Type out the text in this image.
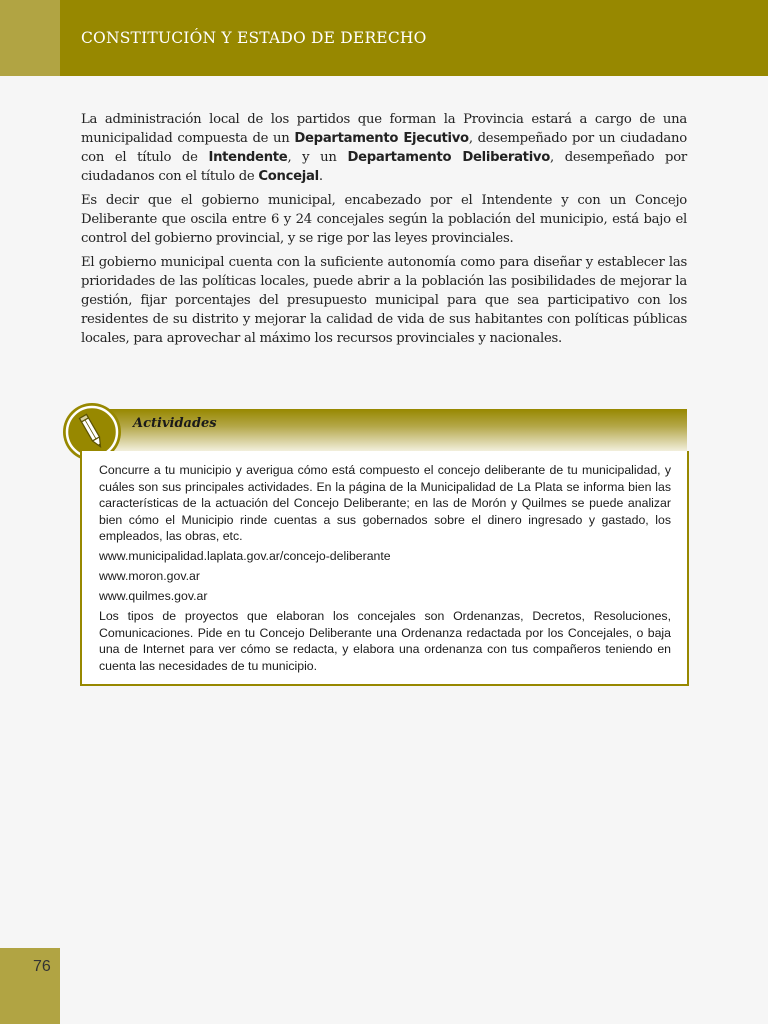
CONSTITUCIÓN Y ESTADO DE DERECHO

La administración local de los partidos que forman la Provincia estará a cargo de una municipalidad compuesta de un Departamento Ejecutivo, desempeñado por un ciudadano con el título de Intendente, y un Departamento Deliberativo, desempeñado por ciudadanos con el título de Concejal.

Es decir que el gobierno municipal, encabezado por el Intendente y con un Concejo Deliberante que oscila entre 6 y 24 concejales según la población del municipio, está bajo el control del gobierno provincial, y se rige por las leyes provinciales.

El gobierno municipal cuenta con la suficiente autonomía como para diseñar y establecer las prioridades de las políticas locales, puede abrir a la población las posibilidades de mejorar la gestión, fijar porcentajes del presupuesto municipal para que sea participativo con los residentes de su distrito y mejorar la calidad de vida de sus habitantes con políticas públicas locales, para aprovechar al máximo los recursos provinciales y nacionales.

Actividades

Concurre a tu municipio y averigua cómo está compuesto el concejo deliberante de tu municipalidad, y cuáles son sus principales actividades. En la página de la Municipalidad de La Plata se informa bien las características de la actuación del Concejo Deliberante; en las de Morón y Quilmes se puede analizar bien cómo el Municipio rinde cuentas a sus gobernados sobre el dinero ingresado y gastado, los empleados, las obras, etc.

www.municipalidad.laplata.gov.ar/concejo-deliberante

www.moron.gov.ar

www.quilmes.gov.ar

Los tipos de proyectos que elaboran los concejales son Ordenanzas, Decretos, Resoluciones, Comunicaciones. Pide en tu Concejo Deliberante una Ordenanza redactada por los Concejales, o baja una de Internet para ver cómo se redacta, y elabora una ordenanza con tus compañeros teniendo en cuenta las necesidades de tu municipio.

76
